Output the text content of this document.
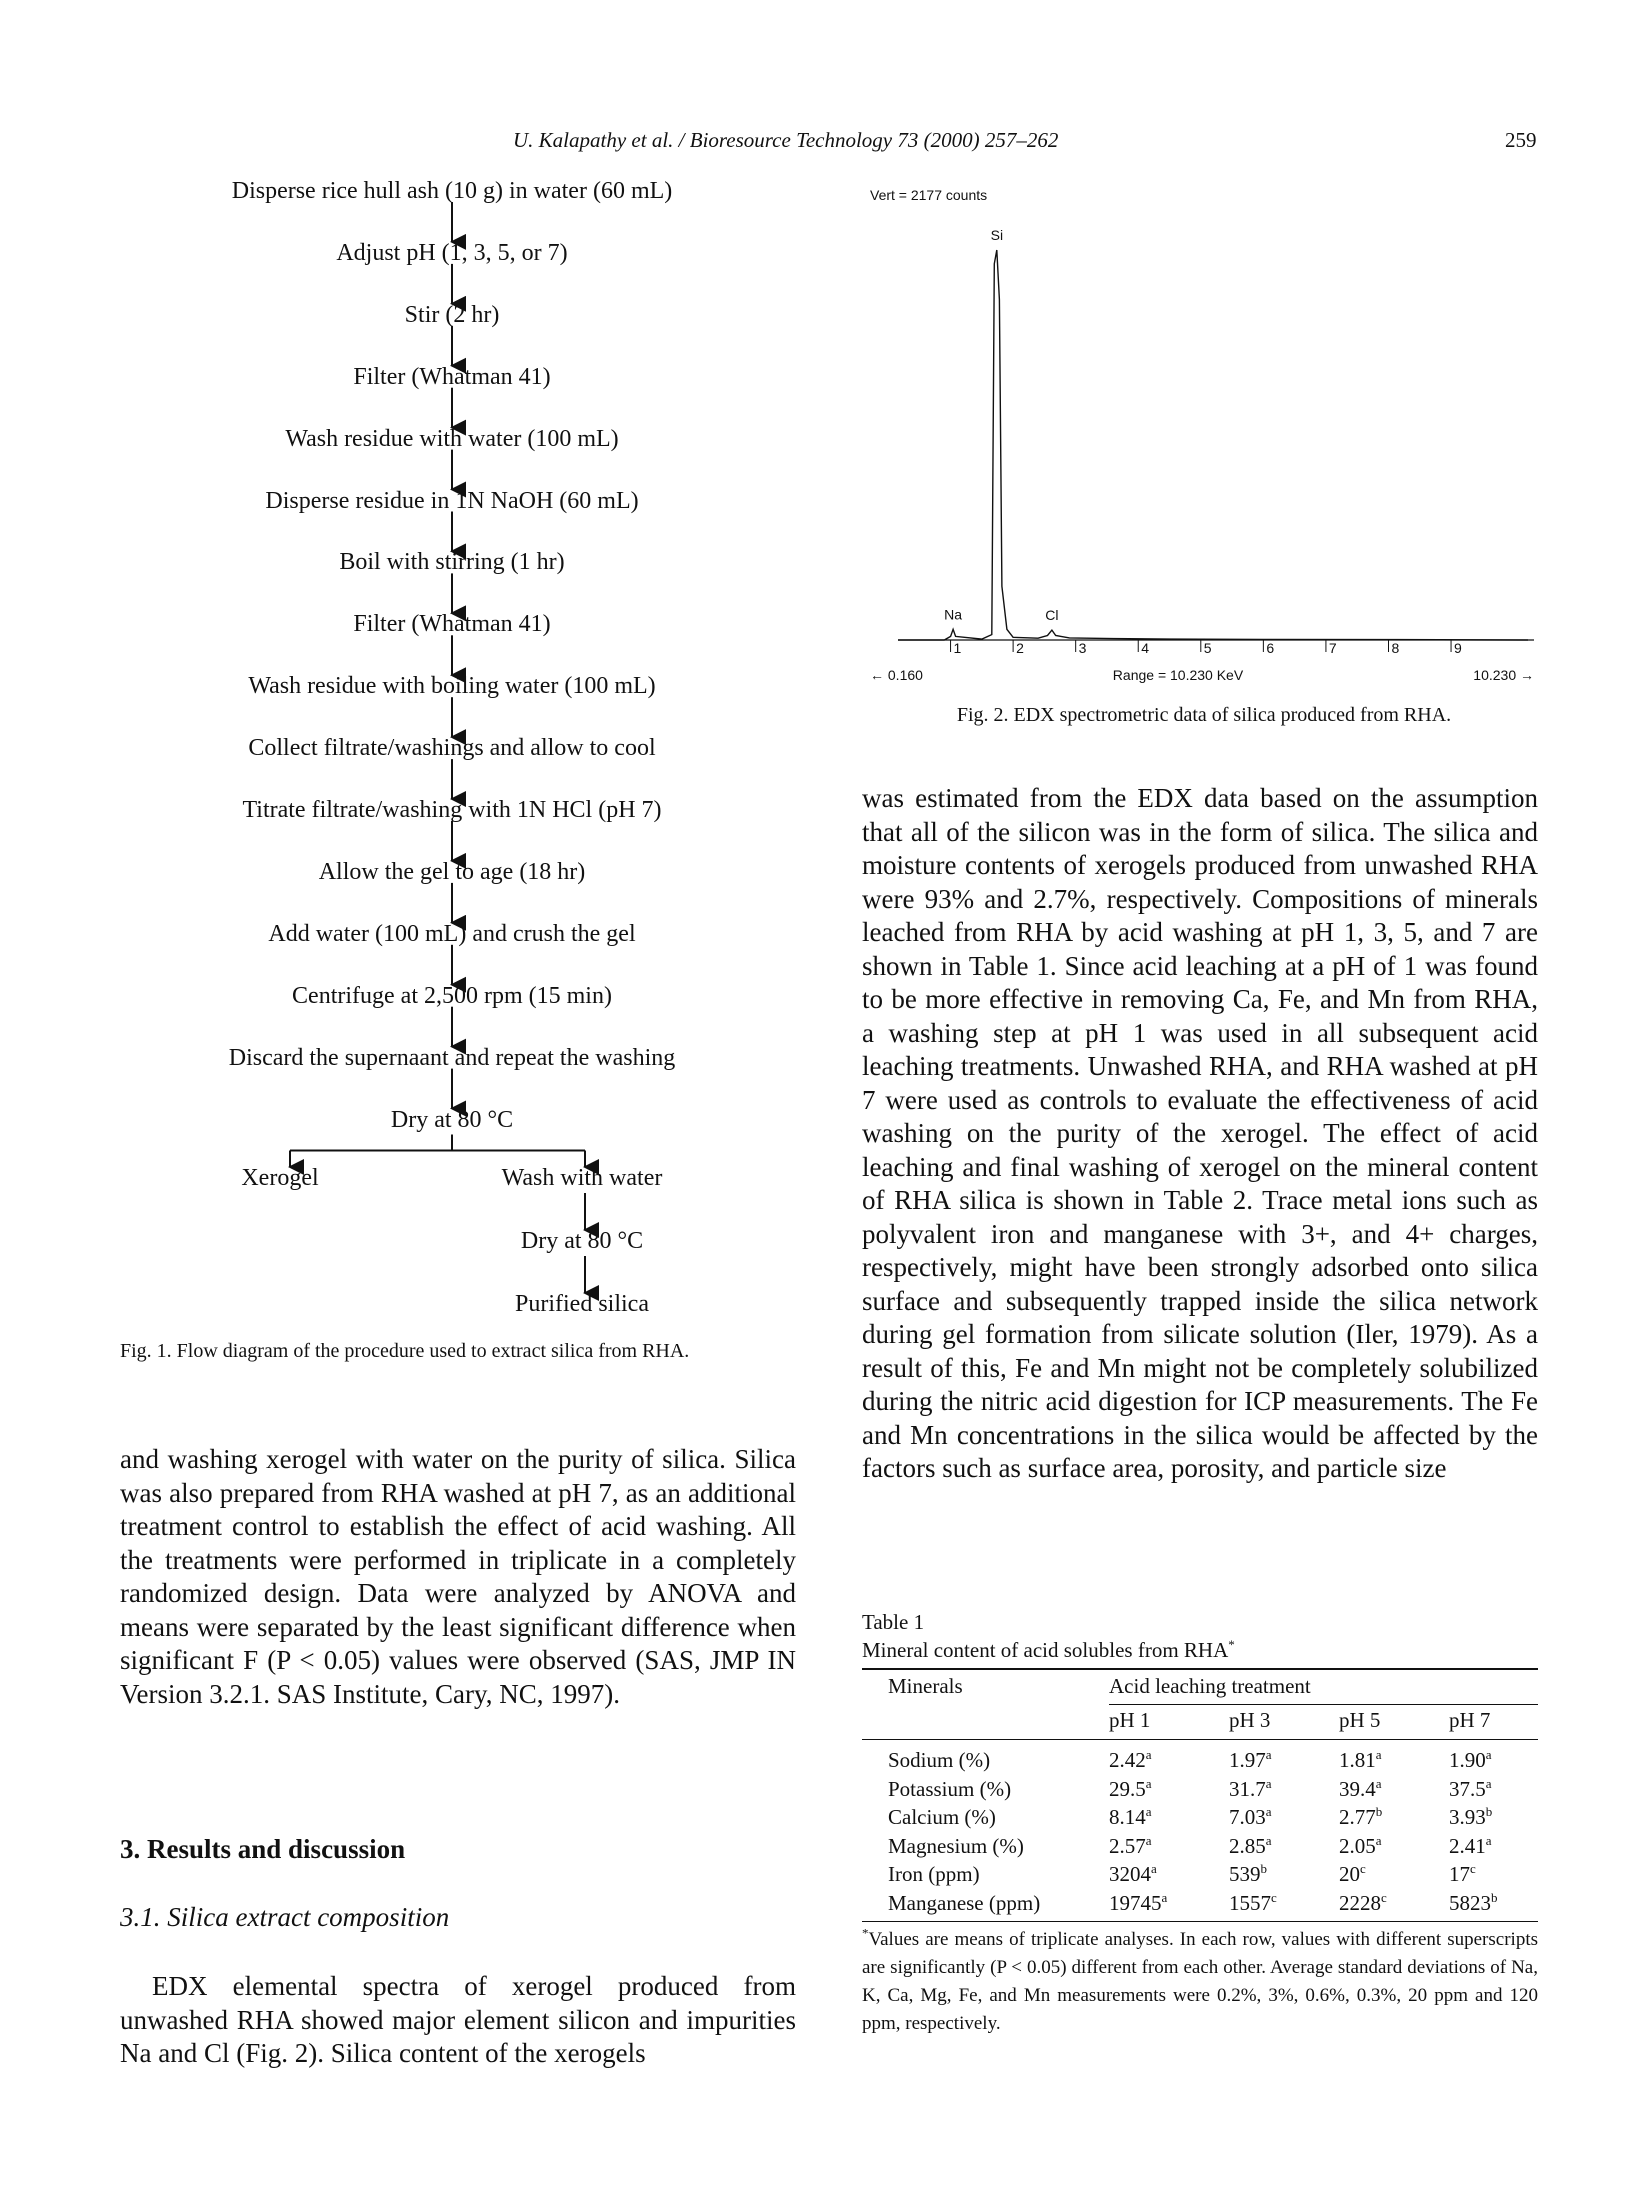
U. Kalapathy et al. / Bioresource Technology 73 (2000) 257–262	259
Disperse rice hull ash (10 g) in water (60 mL)
Adjust pH (1, 3, 5, or 7)
Stir (2 hr)
Filter (Whatman 41)
Wash residue with water (100 mL)
Disperse residue in 1N NaOH (60 mL)
Boil with stirring (1 hr)
Filter (Whatman 41)
Wash residue with boiling water (100 mL)
Collect filtrate/washings and allow to cool
Titrate filtrate/washing with 1N HCl (pH 7)
Allow the gel to age (18 hr)
Add water (100 mL) and crush the gel
Centrifuge at 2,500 rpm (15 min)
Discard the supernaant and repeat the washing
Dry at 80 °C
Xerogel	Wash with water
Dry at 80 °C
Purified silica
Fig. 1. Flow diagram of the procedure used to extract silica from RHA.
and washing xerogel with water on the purity of silica. Silica was also prepared from RHA washed at pH 7, as an additional treatment control to establish the effect of acid washing. All the treatments were performed in triplicate in a completely randomized design. Data were analyzed by ANOVA and means were separated by the least significant difference when significant F (P < 0.05) values were observed (SAS, JMP IN Version 3.2.1. SAS Institute, Cary, NC, 1997).
3. Results and discussion
3.1. Silica extract composition
EDX elemental spectra of xerogel produced from unwashed RHA showed major element silicon and impurities Na and Cl (Fig. 2). Silica content of the xerogels
Vert = 2177 counts
1	2	3	4	5	6	7	8	9
Na
Si
Cl
← 0.160	Range = 10.230 KeV	10.230 →
Fig. 2. EDX spectrometric data of silica produced from RHA.
was estimated from the EDX data based on the assumption that all of the silicon was in the form of silica. The silica and moisture contents of xerogels produced from unwashed RHA were 93% and 2.7%, respectively. Compositions of minerals leached from RHA by acid washing at pH 1, 3, 5, and 7 are shown in Table 1. Since acid leaching at a pH of 1 was found to be more effective in removing Ca, Fe, and Mn from RHA, a washing step at pH 1 was used in all subsequent acid leaching treatments. Unwashed RHA, and RHA washed at pH 7 were used as controls to evaluate the effectiveness of acid washing on the purity of the xerogel. The effect of acid leaching and final washing of xerogel on the mineral content of RHA silica is shown in Table 2. Trace metal ions such as polyvalent iron and manganese with 3+, and 4+ charges, respectively, might have been strongly adsorbed onto silica surface and subsequently trapped inside the silica network during gel formation from silicate solution (Iler, 1979). As a result of this, Fe and Mn might not be completely solubilized during the nitric acid digestion for ICP measurements. The Fe and Mn concentrations in the silica would be affected by the factors such as surface area, porosity, and particle size
Table 1
Mineral content of acid solubles from RHA*
Minerals	Acid leaching treatment
pH 1	pH 3	pH 5	pH 7
Sodium (%)	2.42$^a$	1.97$^a$	1.81$^a$	1.90$^a$
Potassium (%)	29.5$^a$	31.7$^a$	39.4$^a$	37.5$^a$
Calcium (%)	8.14$^a$	7.03$^a$	2.77$^b$	3.93$^b$
Magnesium (%)	2.57$^a$	2.85$^a$	2.05$^a$	2.41$^a$
Iron (ppm)	3204$^a$	539$^b$	20$^c$	17$^c$
Manganese (ppm)	19745$^a$	1557$^c$	2228$^c$	5823$^b$
*Values are means of triplicate analyses. In each row, values with different superscripts are significantly (P < 0.05) different from each other. Average standard deviations of Na, K, Ca, Mg, Fe, and Mn measurements were 0.2%, 3%, 0.6%, 0.3%, 20 ppm and 120 ppm, respectively.
